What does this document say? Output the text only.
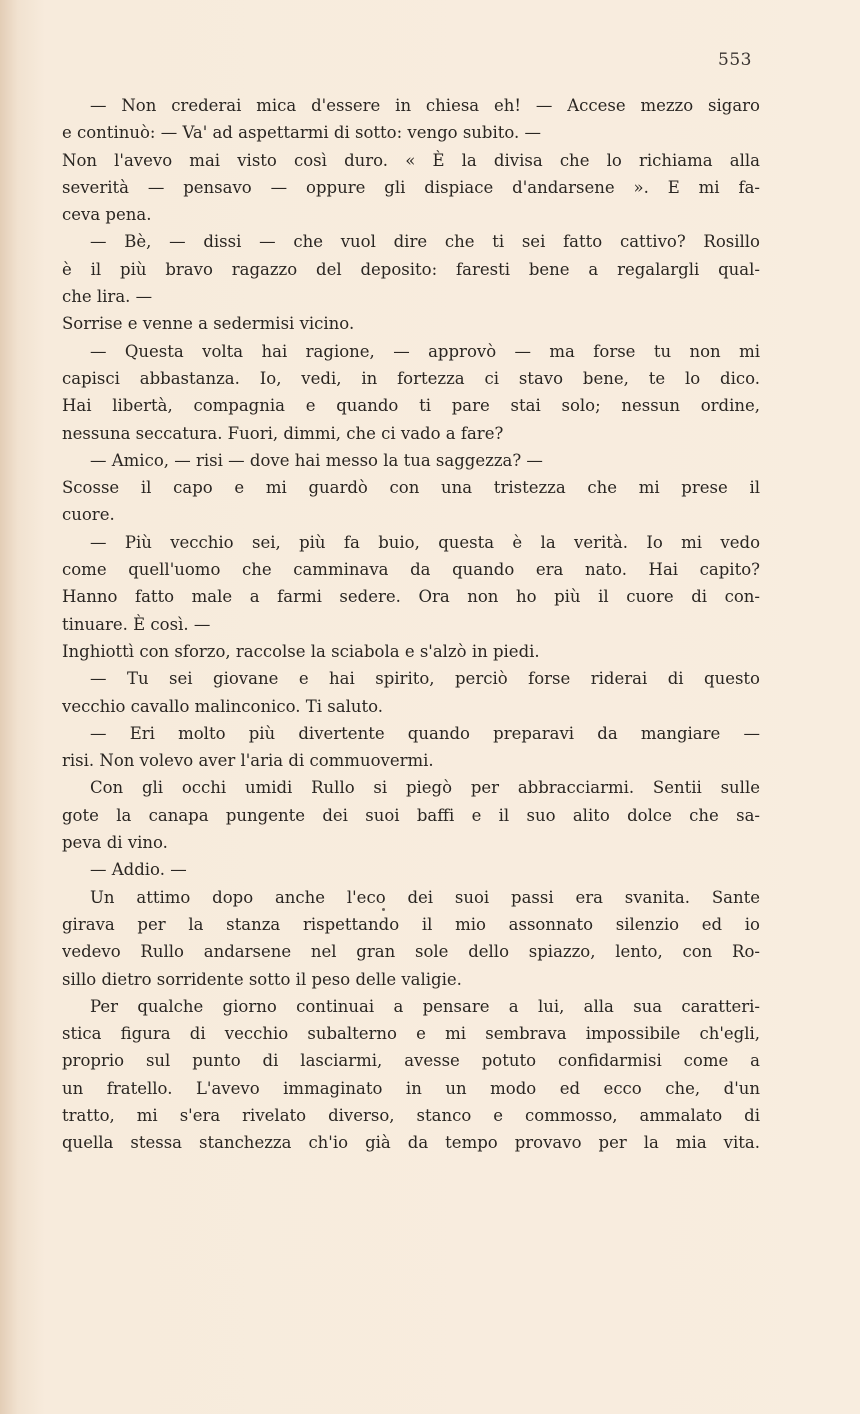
553
— Non crederai mica d'essere in chiesa eh! — Accese mezzo sigaro
e continuò: — Va' ad aspettarmi di sotto: vengo subito. —
Non l'avevo mai visto così duro. « È la divisa che lo richiama alla
severità — pensavo — oppure gli dispiace d'andarsene ». E mi fa-
ceva pena.
— Bè, — dissi — che vuol dire che ti sei fatto cattivo? Rosillo
è il più bravo ragazzo del deposito: faresti bene a regalargli qual-
che lira. —
Sorrise e venne a sedermisi vicino.
— Questa volta hai ragione, — approvò — ma forse tu non mi
capisci abbastanza. Io, vedi, in fortezza ci stavo bene, te lo dico.
Hai libertà, compagnia e quando ti pare stai solo; nessun ordine,
nessuna seccatura. Fuori, dimmi, che ci vado a fare?
— Amico, — risi — dove hai messo la tua saggezza? —
Scosse il capo e mi guardò con una tristezza che mi prese il
cuore.
— Più vecchio sei, più fa buio, questa è la verità. Io mi vedo
come quell'uomo che camminava da quando era nato. Hai capito?
Hanno fatto male a farmi sedere. Ora non ho più il cuore di con-
tinuare. È così. —
Inghiottì con sforzo, raccolse la sciabola e s'alzò in piedi.
— Tu sei giovane e hai spirito, perciò forse riderai di questo
vecchio cavallo malinconico. Ti saluto.
— Eri molto più divertente quando preparavi da mangiare —
risi. Non volevo aver l'aria di commuovermi.
Con gli occhi umidi Rullo si piegò per abbracciarmi. Sentii sulle
gote la canapa pungente dei suoi baffi e il suo alito dolce che sa-
peva di vino.
— Addio. —
Un attimo dopo anche l'eco dei suoi passi era svanita. Sante
girava per la stanza rispettando il mio assonnato silenzio ed io
vedevo Rullo andarsene nel gran sole dello spiazzo, lento, con Ro-
sillo dietro sorridente sotto il peso delle valigie.
Per qualche giorno continuai a pensare a lui, alla sua caratteri-
stica figura di vecchio subalterno e mi sembrava impossibile ch'egli,
proprio sul punto di lasciarmi, avesse potuto confidarmisi come a
un fratello. L'avevo immaginato in un modo ed ecco che, d'un
tratto, mi s'era rivelato diverso, stanco e commosso, ammalato di
quella stessa stanchezza ch'io già da tempo provavo per la mia vita.
